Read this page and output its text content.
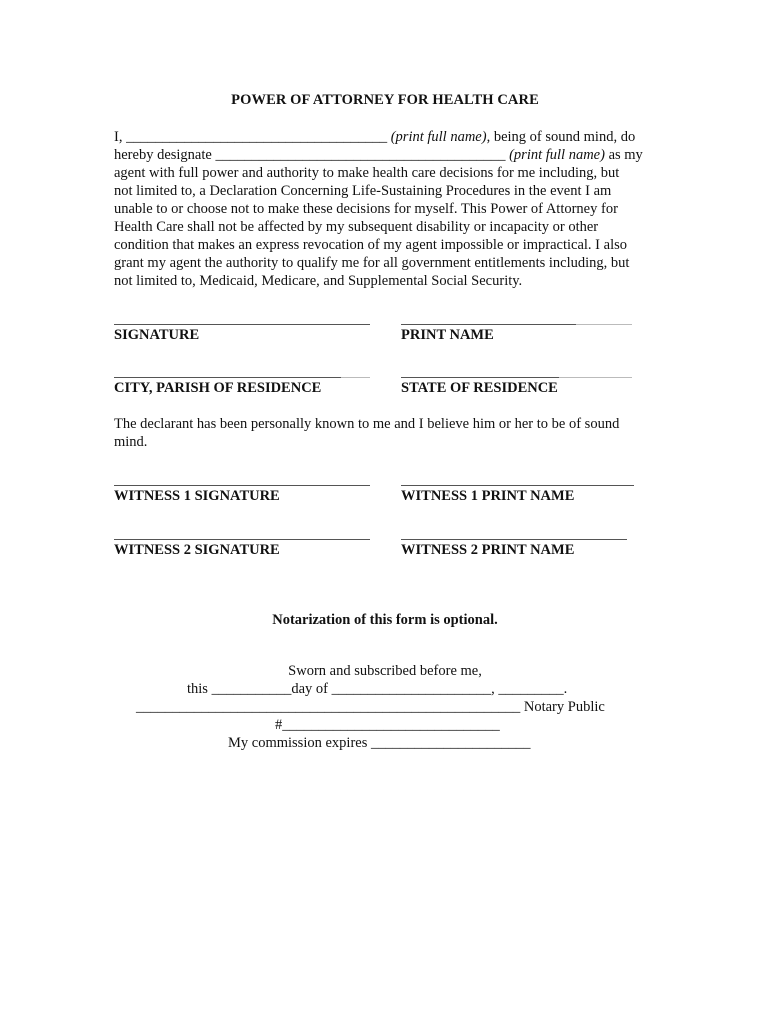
POWER OF ATTORNEY FOR HEALTH CARE
I, ____________________________________ (print full name), being of sound mind, do
hereby designate ________________________________________ (print full name) as my
agent with full power and authority to make health care decisions for me including, but
not limited to, a Declaration Concerning Life-Sustaining Procedures in the event I am
unable to or choose not to make these decisions for myself. This Power of Attorney for
Health Care shall not be affected by my subsequent disability or incapacity or other
condition that makes an express revocation of my agent impossible or impractical. I also
grant my agent the authority to qualify me for all government entitlements including, but
not limited to, Medicaid, Medicare, and Supplemental Social Security.
SIGNATURE	PRINT NAME
CITY, PARISH OF RESIDENCE	STATE OF RESIDENCE
The declarant has been personally known to me and I believe him or her to be of sound mind.
WITNESS 1 SIGNATURE	WITNESS 1 PRINT NAME
WITNESS 2 SIGNATURE	WITNESS 2 PRINT NAME
Notarization of this form is optional.
Sworn and subscribed before me,
this ___________day of ______________________, _________.
_____________________________________________________ Notary Public
#______________________________
My commission expires ______________________
